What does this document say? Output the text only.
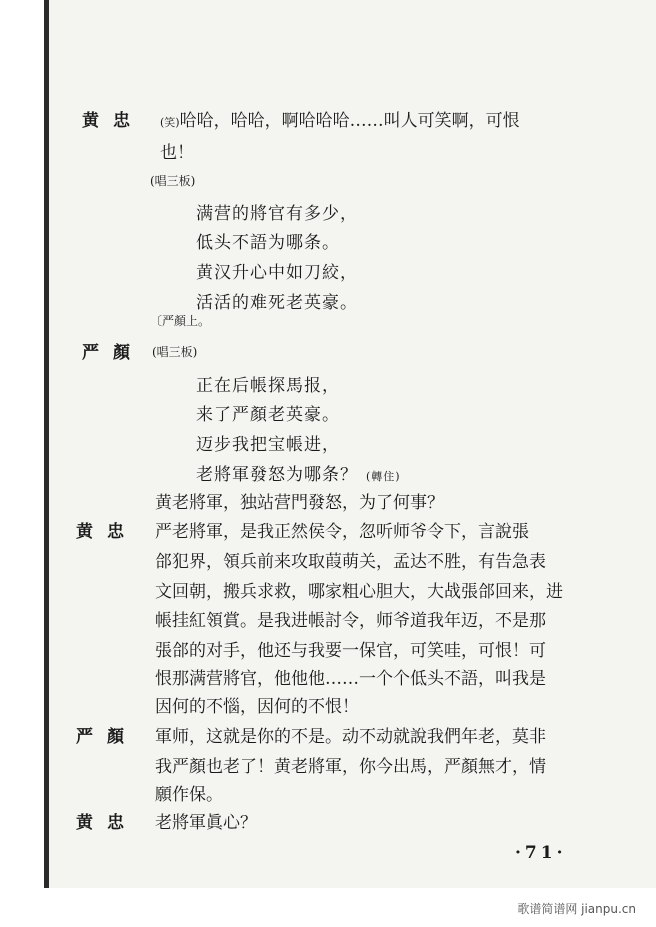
黄忠 (笑)哈哈，哈哈，啊哈哈哈……叫人可笑啊，可恨
也！
(唱三板)
满营的將官有多少，
低头不語为哪条。
黄汉升心中如刀絞，
活活的难死老英豪。
〔严顏上。
严顏 (唱三板)
正在后帳探馬报，
来了严顏老英豪。
迈步我把宝帳进，
老將軍發怒为哪条？ (轉住)
黄老將軍，独站营門發怒，为了何事？
黄忠 严老將軍，是我正然侯令，忽听师爷令下，言說張
郃犯界，領兵前来攻取葭萌关，孟达不胜，有告急表
文回朝，搬兵求救，哪家粗心胆大，大战張郃回来，进
帳挂紅領賞。是我进帳討令，师爷道我年迈，不是那
張郃的对手，他还与我要一保官，可笑哇，可恨！可
恨那满营將官，他他他……一个个低头不語，叫我是
因何的不惱，因何的不恨！
严顏 軍师，这就是你的不是。动不动就說我們年老，莫非
我严顏也老了！黄老將軍，你今出馬，严顏無才，情
願作保。
黄忠 老將軍眞心？
·71·
歌谱简谱网 jianpu.cn
